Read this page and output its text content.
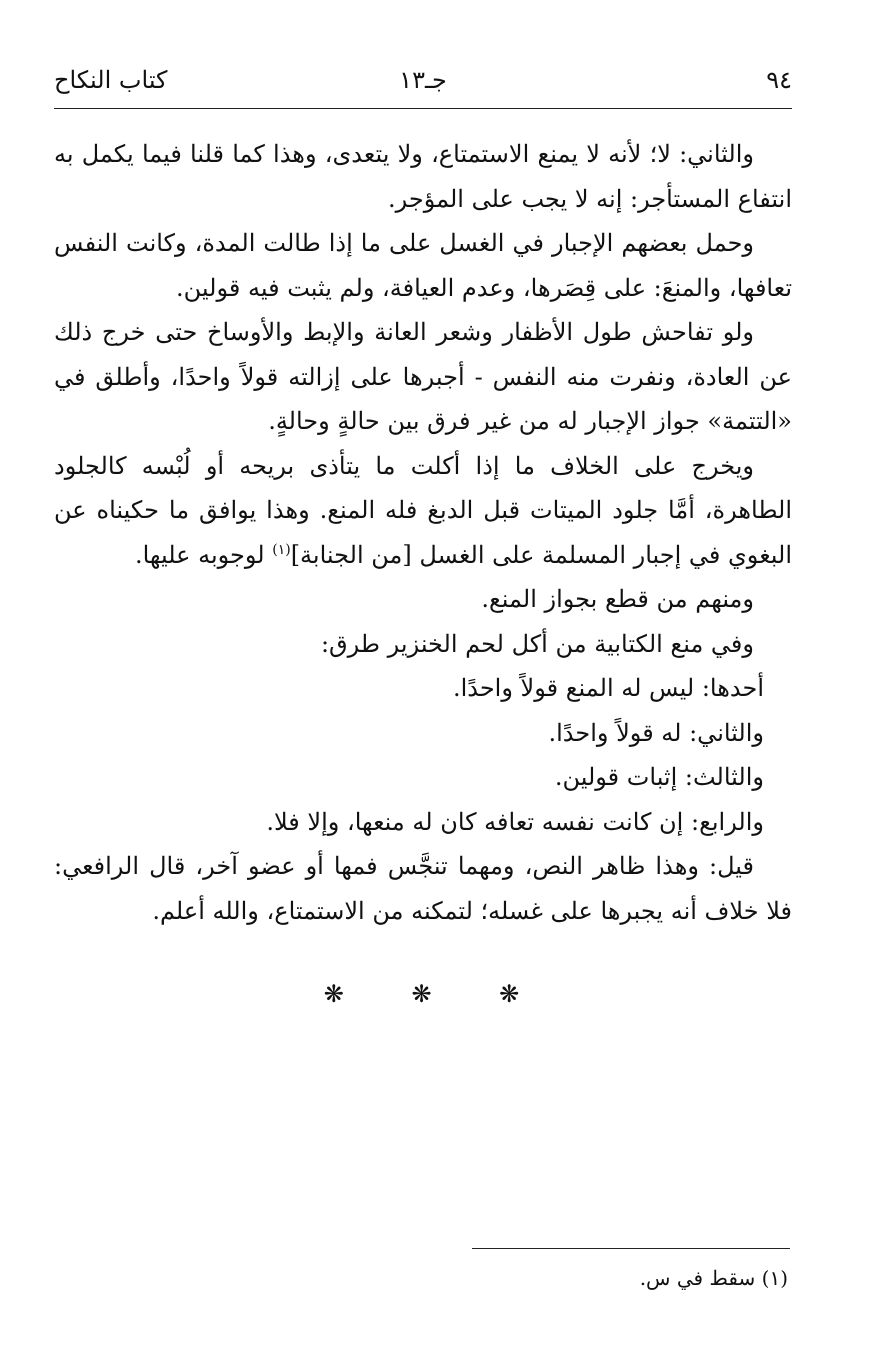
٩٤
جـ١٣
كتاب النكاح

والثاني: لا؛ لأنه لا يمنع الاستمتاع، ولا يتعدى، وهذا كما قلنا فيما يكمل به انتفاع المستأجر: إنه لا يجب على المؤجر.

وحمل بعضهم الإجبار في الغسل على ما إذا طالت المدة، وكانت النفس تعافها، والمنعَ: على قِصَرها، وعدم العيافة، ولم يثبت فيه قولين.

ولو تفاحش طول الأظفار وشعر العانة والإبط والأوساخ حتى خرج ذلك عن العادة، ونفرت منه النفس - أجبرها على إزالته قولاً واحدًا، وأطلق في «التتمة» جواز الإجبار له من غير فرق بين حالةٍ وحالةٍ.

ويخرج على الخلاف ما إذا أكلت ما يتأذى بريحه أو لُبْسه كالجلود الطاهرة، أمَّا جلود الميتات قبل الدبغ فله المنع. وهذا يوافق ما حكيناه عن البغوي في إجبار المسلمة على الغسل [من الجنابة]$^{(١)}$ لوجوبه عليها.

ومنهم من قطع بجواز المنع.

وفي منع الكتابية من أكل لحم الخنزير طرق:

أحدها: ليس له المنع قولاً واحدًا.

والثاني: له قولاً واحدًا.

والثالث: إثبات قولين.

والرابع: إن كانت نفسه تعافه كان له منعها، وإلا فلا.

قيل: وهذا ظاهر النص، ومهما تنجَّس فمها أو عضو آخر، قال الرافعي: فلا خلاف أنه يجبرها على غسله؛ لتمكنه من الاستمتاع، والله أعلم.

❋ ❋ ❋
(١) سقط في س.
